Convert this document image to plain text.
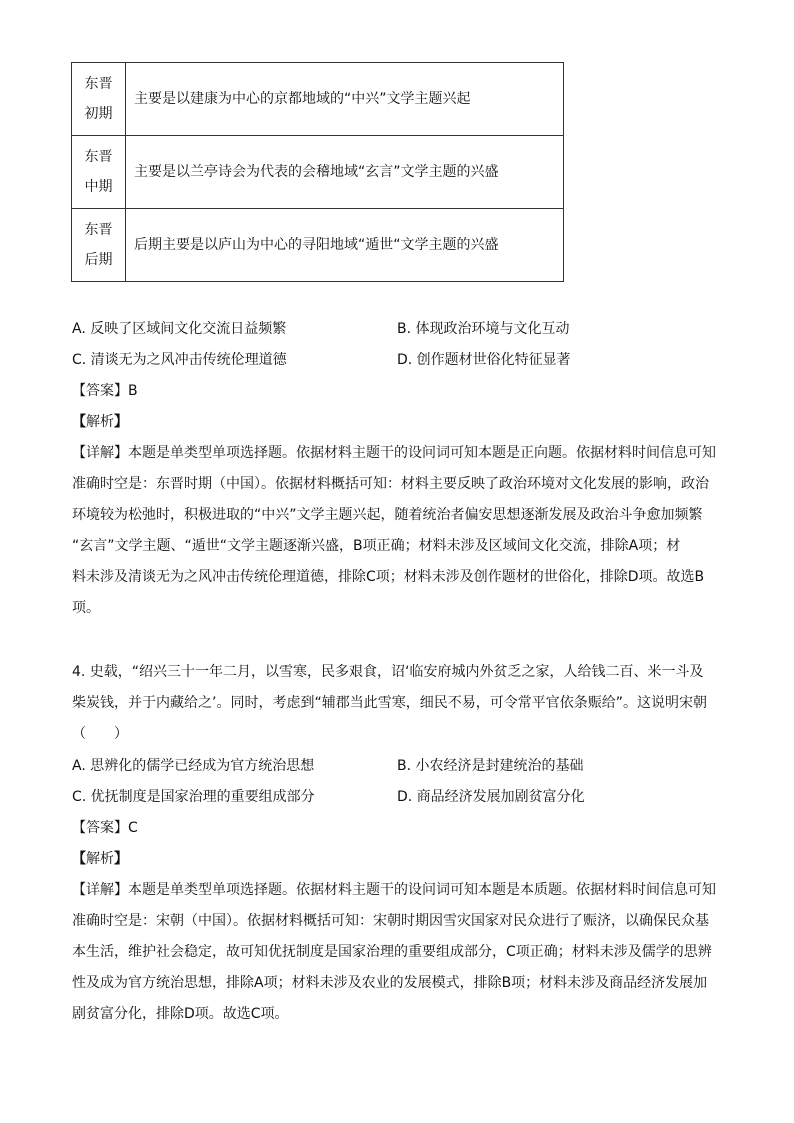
东晋初期	主要是以建康为中心的京都地域的“中兴”文学主题兴起

东晋中期	主要是以兰亭诗会为代表的会稽地域“玄言”文学主题的兴盛

东晋后期	后期主要是以庐山为中心的寻阳地域“遁世“文学主题的兴盛
A. 反映了区域间文化交流日益频繁	B. 体现政治环境与文化互动
C. 清谈无为之风冲击传统伦理道德	D. 创作题材世俗化特征显著
【答案】B
【解析】
【详解】本题是单类型单项选择题。依据材料主题干的设问词可知本题是正向题。依据材料时间信息可知
准确时空是：东晋时期（中国）。依据材料概括可知：材料主要反映了政治环境对文化发展的影响，政治
环境较为松弛时，积极进取的“中兴”文学主题兴起，随着统治者偏安思想逐渐发展及政治斗争愈加频繁
“玄言”文学主题、“遁世“文学主题逐渐兴盛，B项正确；材料未涉及区域间文化交流，排除A项；材
料未涉及清谈无为之风冲击传统伦理道德，排除C项；材料未涉及创作题材的世俗化，排除D项。故选B
项。
4. 史载，“绍兴三十一年二月，以雪寒，民多艰食，诏‘临安府城内外贫乏之家，人给钱二百、米一斗及
柴炭钱，并于内藏给之’。同时，考虑到“辅郡当此雪寒，细民不易，可令常平官依条赈给”。这说明宋朝
（　　）
A. 思辨化的儒学已经成为官方统治思想	B. 小农经济是封建统治的基础
C. 优抚制度是国家治理的重要组成部分	D. 商品经济发展加剧贫富分化
【答案】C
【解析】
【详解】本题是单类型单项选择题。依据材料主题干的设问词可知本题是本质题。依据材料时间信息可知
准确时空是：宋朝（中国）。依据材料概括可知：宋朝时期因雪灾国家对民众进行了赈济，以确保民众基
本生活，维护社会稳定，故可知优抚制度是国家治理的重要组成部分，C项正确；材料未涉及儒学的思辨
性及成为官方统治思想，排除A项；材料未涉及农业的发展模式，排除B项；材料未涉及商品经济发展加
剧贫富分化，排除D项。故选C项。
